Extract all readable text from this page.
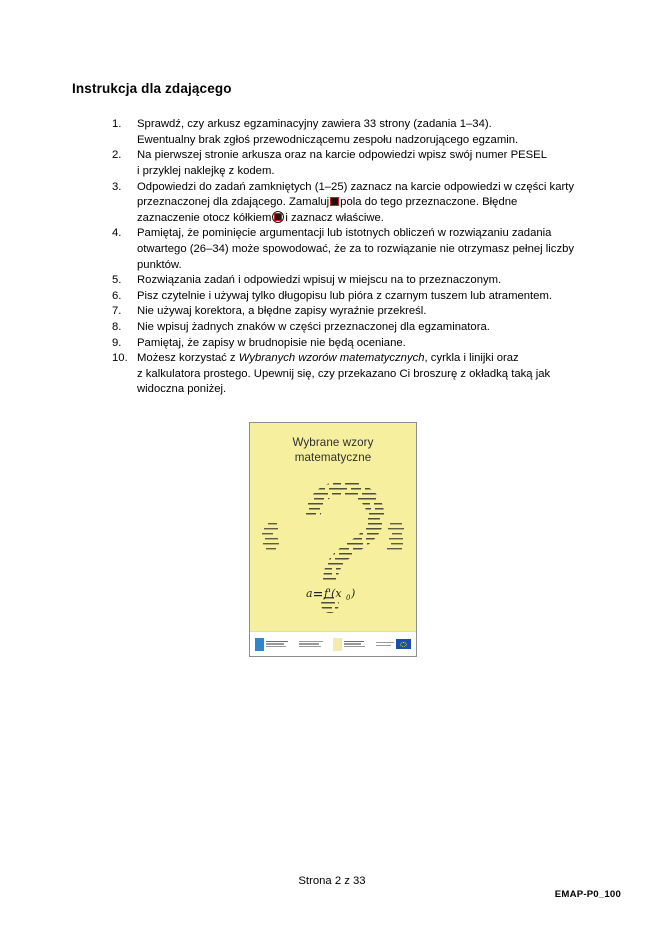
Instrukcja dla zdającego
1.	Sprawdź, czy arkusz egzaminacyjny zawiera 33 strony (zadania 1–34).
Ewentualny brak zgłoś przewodniczącemu zespołu nadzorującego egzamin.
2.	Na pierwszej stronie arkusza oraz na karcie odpowiedzi wpisz swój numer PESEL
i przyklej naklejkę z kodem.
3.	Odpowiedzi do zadań zamkniętych (1–25) zaznacz na karcie odpowiedzi w części karty
przeznaczonej dla zdającego. Zamaluj pola do tego przeznaczone. Błędne
zaznaczenie otocz kółkiem i zaznacz właściwe.
4.	Pamiętaj, że pominięcie argumentacji lub istotnych obliczeń w rozwiązaniu zadania
otwartego (26–34) może spowodować, że za to rozwiązanie nie otrzymasz pełnej liczby
punktów.
5.	Rozwiązania zadań i odpowiedzi wpisuj w miejscu na to przeznaczonym.
6.	Pisz czytelnie i używaj tylko długopisu lub pióra z czarnym tuszem lub atramentem.
7.	Nie używaj korektora, a błędne zapisy wyraźnie przekreśl.
8.	Nie wpisuj żadnych znaków w części przeznaczonej dla egzaminatora.
9.	Pamiętaj, że zapisy w brudnopisie nie będą oceniane.
10. Możesz korzystać z Wybranych wzorów matematycznych, cyrkla i linijki oraz
z kalkulatora prostego. Upewnij się, czy przekazano Ci broszurę z okładką taką jak
widoczna poniżej.
Wybrane wzory
matematyczne
a f'(x 0 )
Strona 2 z 33
EMAP-P0_100
